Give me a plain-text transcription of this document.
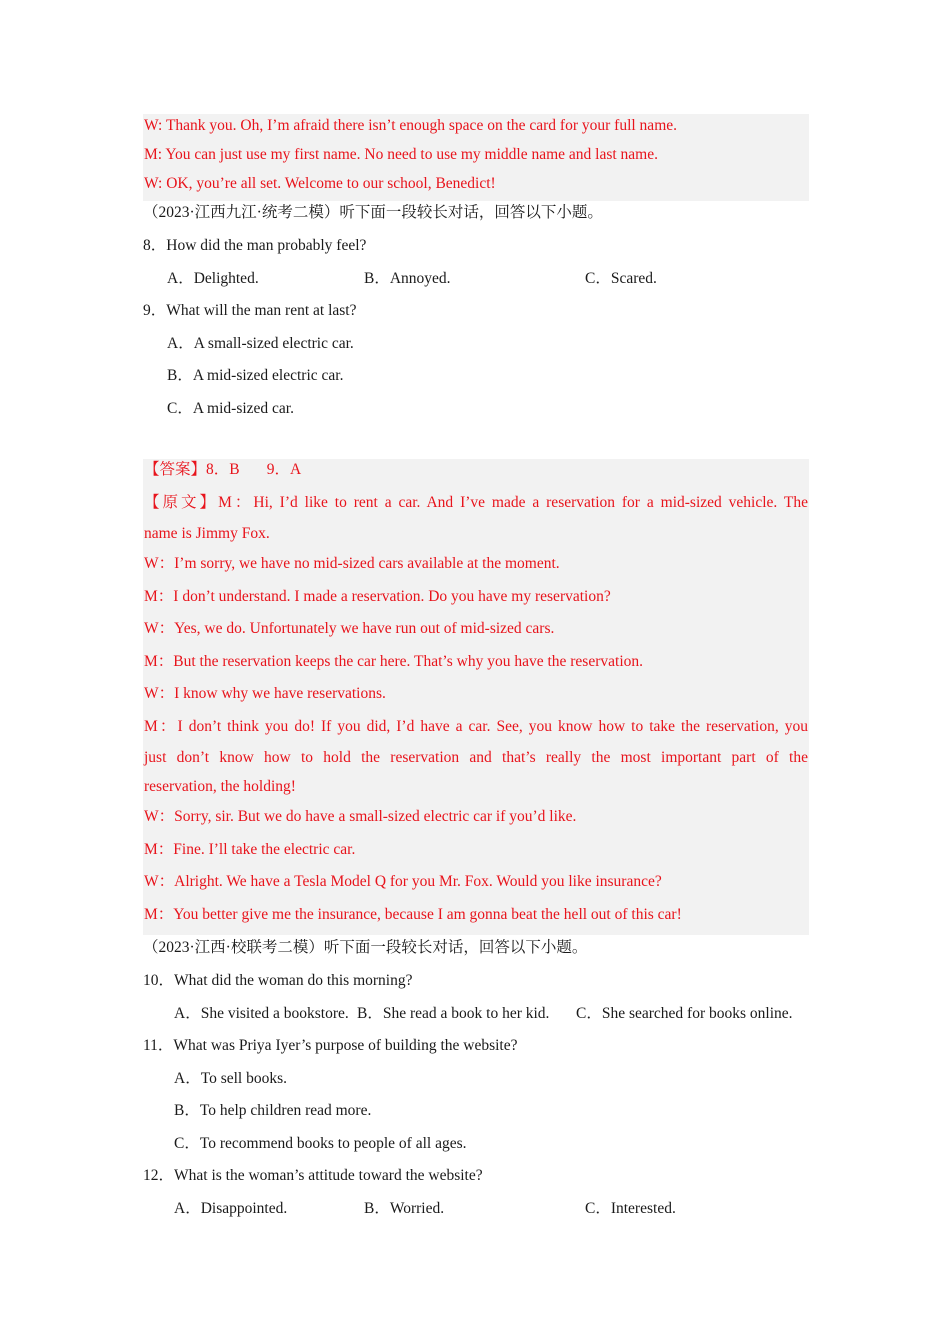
W: Thank you. Oh, I’m afraid there isn’t enough space on the card for your full name.
M: You can just use my first name. No need to use my middle name and last name.
W: OK, you’re all set. Welcome to our school, Benedict!
（2023·江西九江·统考二模）听下面一段较长对话，回答以下小题。
8．How did the man probably feel?
A．Delighted.	B．Annoyed.	C．Scared.
9．What will the man rent at last?
A．A small-sized electric car.
B．A mid-sized electric car.
C．A mid-sized car.
【答案】8．B       9．A
【原文】M：Hi, I’d like to rent a car. And I’ve made a reservation for a mid-sized vehicle. The
name is Jimmy Fox.
W：I’m sorry, we have no mid-sized cars available at the moment.
M：I don’t understand. I made a reservation. Do you have my reservation?
W：Yes, we do. Unfortunately we have run out of mid-sized cars.
M：But the reservation keeps the car here. That’s why you have the reservation.
W：I know why we have reservations.
M：I don’t think you do! If you did, I’d have a car. See, you know how to take the reservation, you
just don’t know how to hold the reservation and that’s really the most important part of the
reservation, the holding!
W：Sorry, sir. But we do have a small-sized electric car if you’d like.
M：Fine. I’ll take the electric car.
W：Alright. We have a Tesla Model Q for you Mr. Fox. Would you like insurance?
M：You better give me the insurance, because I am gonna beat the hell out of this car!
（2023·江西·校联考二模）听下面一段较长对话，回答以下小题。
10．What did the woman do this morning?
A．She visited a bookstore. B．She read a book to her kid. C．She searched for books online.
11．What was Priya Iyer’s purpose of building the website?
A．To sell books.
B．To help children read more.
C．To recommend books to people of all ages.
12．What is the woman’s attitude toward the website?
A．Disappointed.	B．Worried.	C．Interested.
